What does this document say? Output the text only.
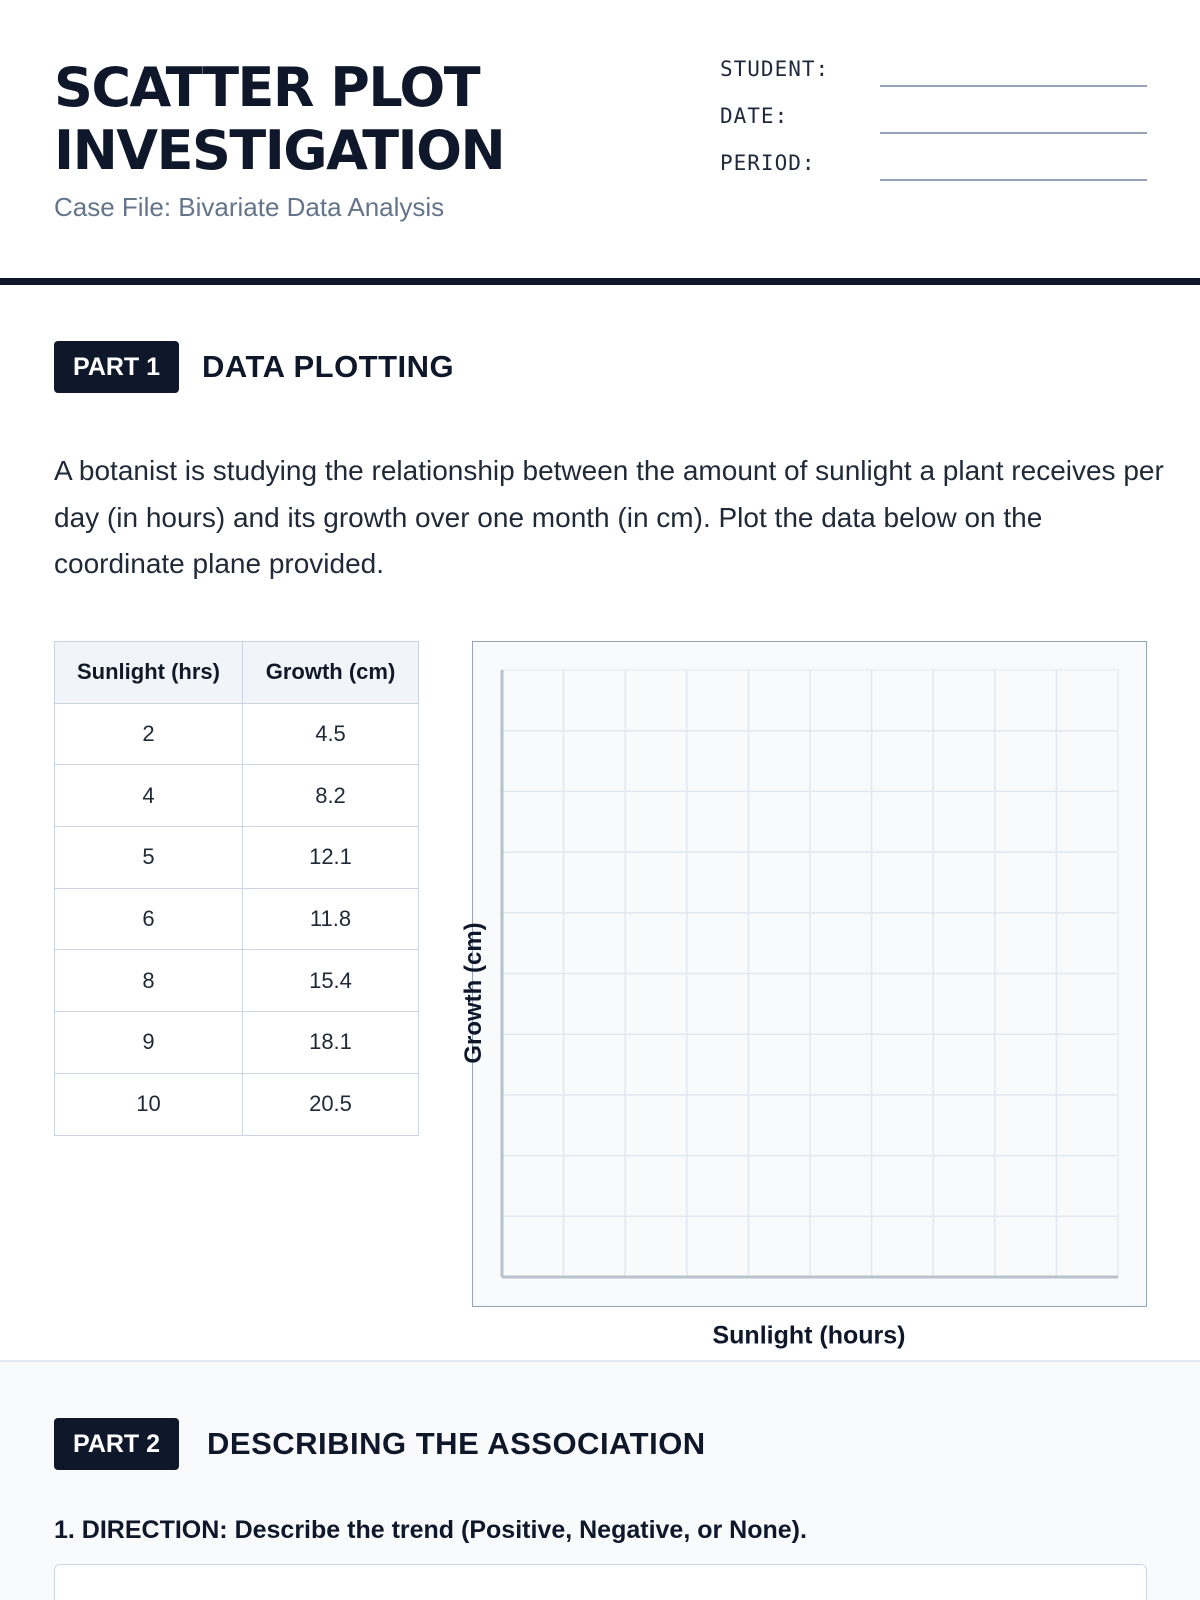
SCATTER PLOT
INVESTIGATION
Case File: Bivariate Data Analysis
STUDENT:
DATE:
PERIOD:
PART 1	DATA PLOTTING

A botanist is studying the relationship between the amount of sunlight a plant receives per day (in hours) and its growth over one month (in cm). Plot the data below on the coordinate plane provided.

Sunlight (hrs)	Growth (cm)
2	4.5
4	8.2
5	12.1
6	11.8
8	15.4
9	18.1
10	20.5
Growth (cm)
Sunlight (hours)
PART 2	DESCRIBING THE ASSOCIATION
1. DIRECTION: Describe the trend (Positive, Negative, or None).
